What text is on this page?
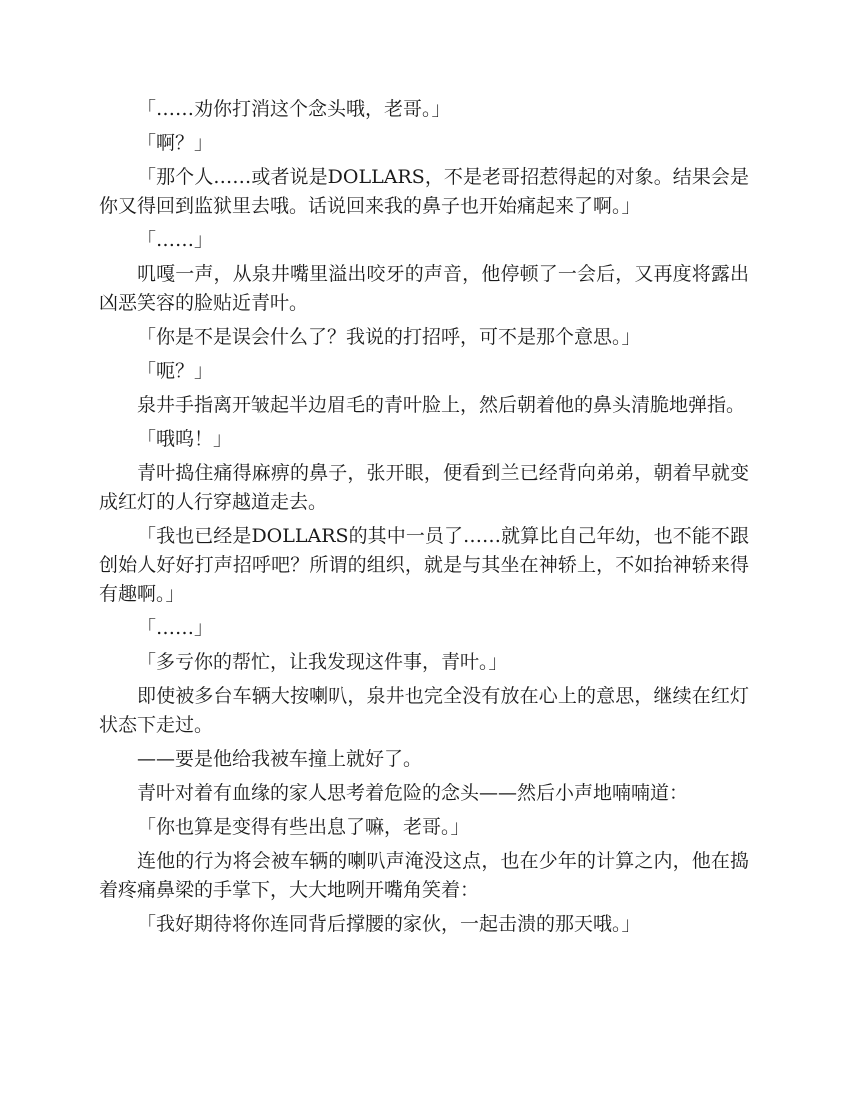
「……劝你打消这个念头哦，老哥。」

「啊？」

「那个人……或者说是DOLLARS，不是老哥招惹得起的对象。结果会是你又得回到监狱里去哦。话说回来我的鼻子也开始痛起来了啊。」

「……」

叽嘎一声，从泉井嘴里溢出咬牙的声音，他停顿了一会后，又再度将露出凶恶笑容的脸贴近青叶。

「你是不是误会什么了？我说的打招呼，可不是那个意思。」

「呃？」

泉井手指离开皱起半边眉毛的青叶脸上，然后朝着他的鼻头清脆地弹指。

「哦呜！」

青叶捣住痛得麻痹的鼻子，张开眼，便看到兰已经背向弟弟，朝着早就变成红灯的人行穿越道走去。

「我也已经是DOLLARS的其中一员了……就算比自己年幼，也不能不跟创始人好好打声招呼吧？所谓的组织，就是与其坐在神轿上，不如抬神轿来得有趣啊。」

「……」

「多亏你的帮忙，让我发现这件事，青叶。」

即使被多台车辆大按喇叭，泉井也完全没有放在心上的意思，继续在红灯状态下走过。

——要是他给我被车撞上就好了。

青叶对着有血缘的家人思考着危险的念头——然后小声地喃喃道：

「你也算是变得有些出息了嘛，老哥。」

连他的行为将会被车辆的喇叭声淹没这点，也在少年的计算之内，他在捣着疼痛鼻梁的手掌下，大大地咧开嘴角笑着：

「我好期待将你连同背后撑腰的家伙，一起击溃的那天哦。」
